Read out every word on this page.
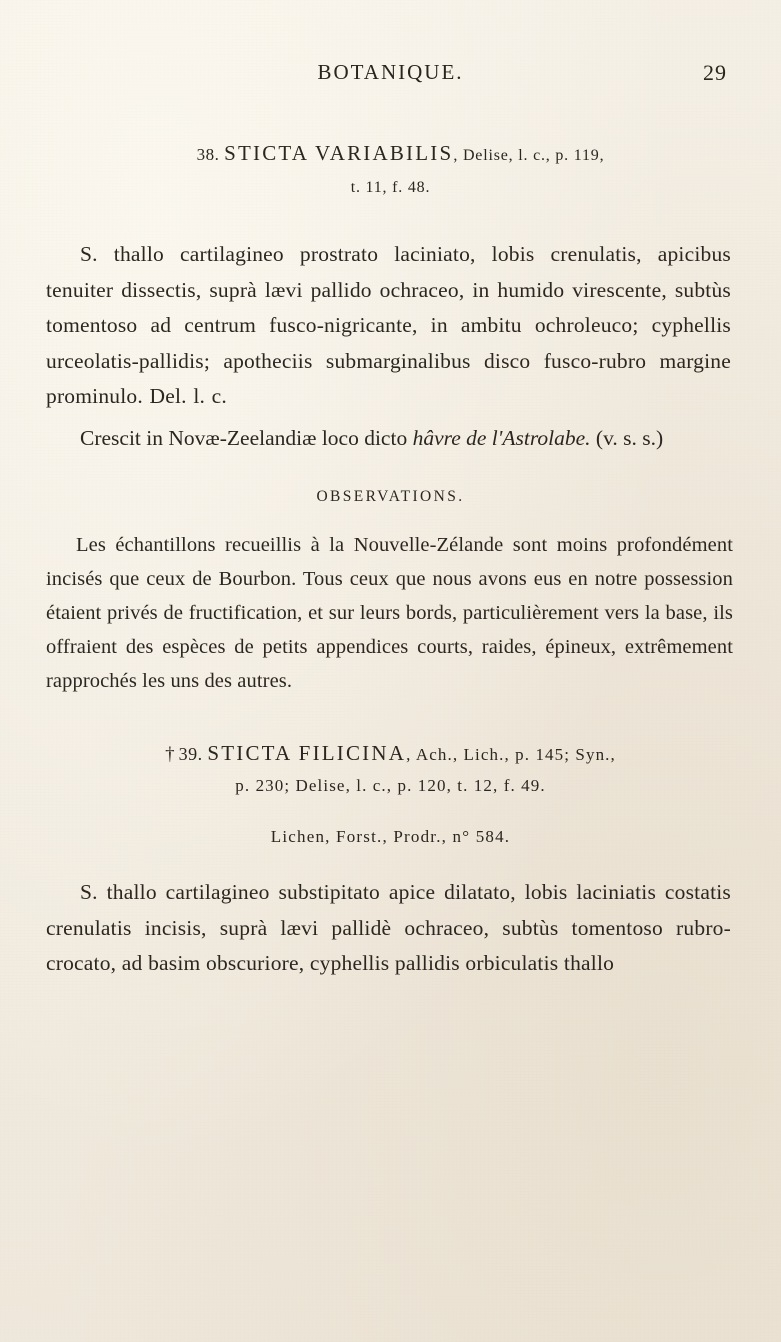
BOTANIQUE.	29
38. STICTA VARIABILIS, Delise, l. c., p. 119,
t. 11, f. 48.
S. thallo cartilagineo prostrato laciniato, lobis crenulatis, apicibus tenuiter dissectis, suprà lævi pallido ochraceo, in humido virescente, subtùs tomentoso ad centrum fusco-nigricante, in ambitu ochroleuco; cyphellis urceolatis-pallidis; apotheciis submarginalibus disco fusco-rubro margine prominulo. Del. l. c.
Crescit in Novæ-Zeelandiæ loco dicto hâvre de l'Astrolabe. (v. s. s.)
OBSERVATIONS.
Les échantillons recueillis à la Nouvelle-Zélande sont moins profondément incisés que ceux de Bourbon. Tous ceux que nous avons eus en notre possession étaient privés de fructification, et sur leurs bords, particulièrement vers la base, ils offraient des espèces de petits appendices courts, raides, épineux, extrêmement rapprochés les uns des autres.
† 39. STICTA FILICINA, Ach., Lich., p. 145; Syn.,
p. 230; Delise, l. c., p. 120, t. 12, f. 49.
Lichen, Forst., Prodr., n° 584.
S. thallo cartilagineo substipitato apice dilatato, lobis laciniatis costatis crenulatis incisis, suprà lævi pallidè ochraceo, subtùs tomentoso rubro-crocato, ad basim obscuriore, cyphellis pallidis orbiculatis thallo
